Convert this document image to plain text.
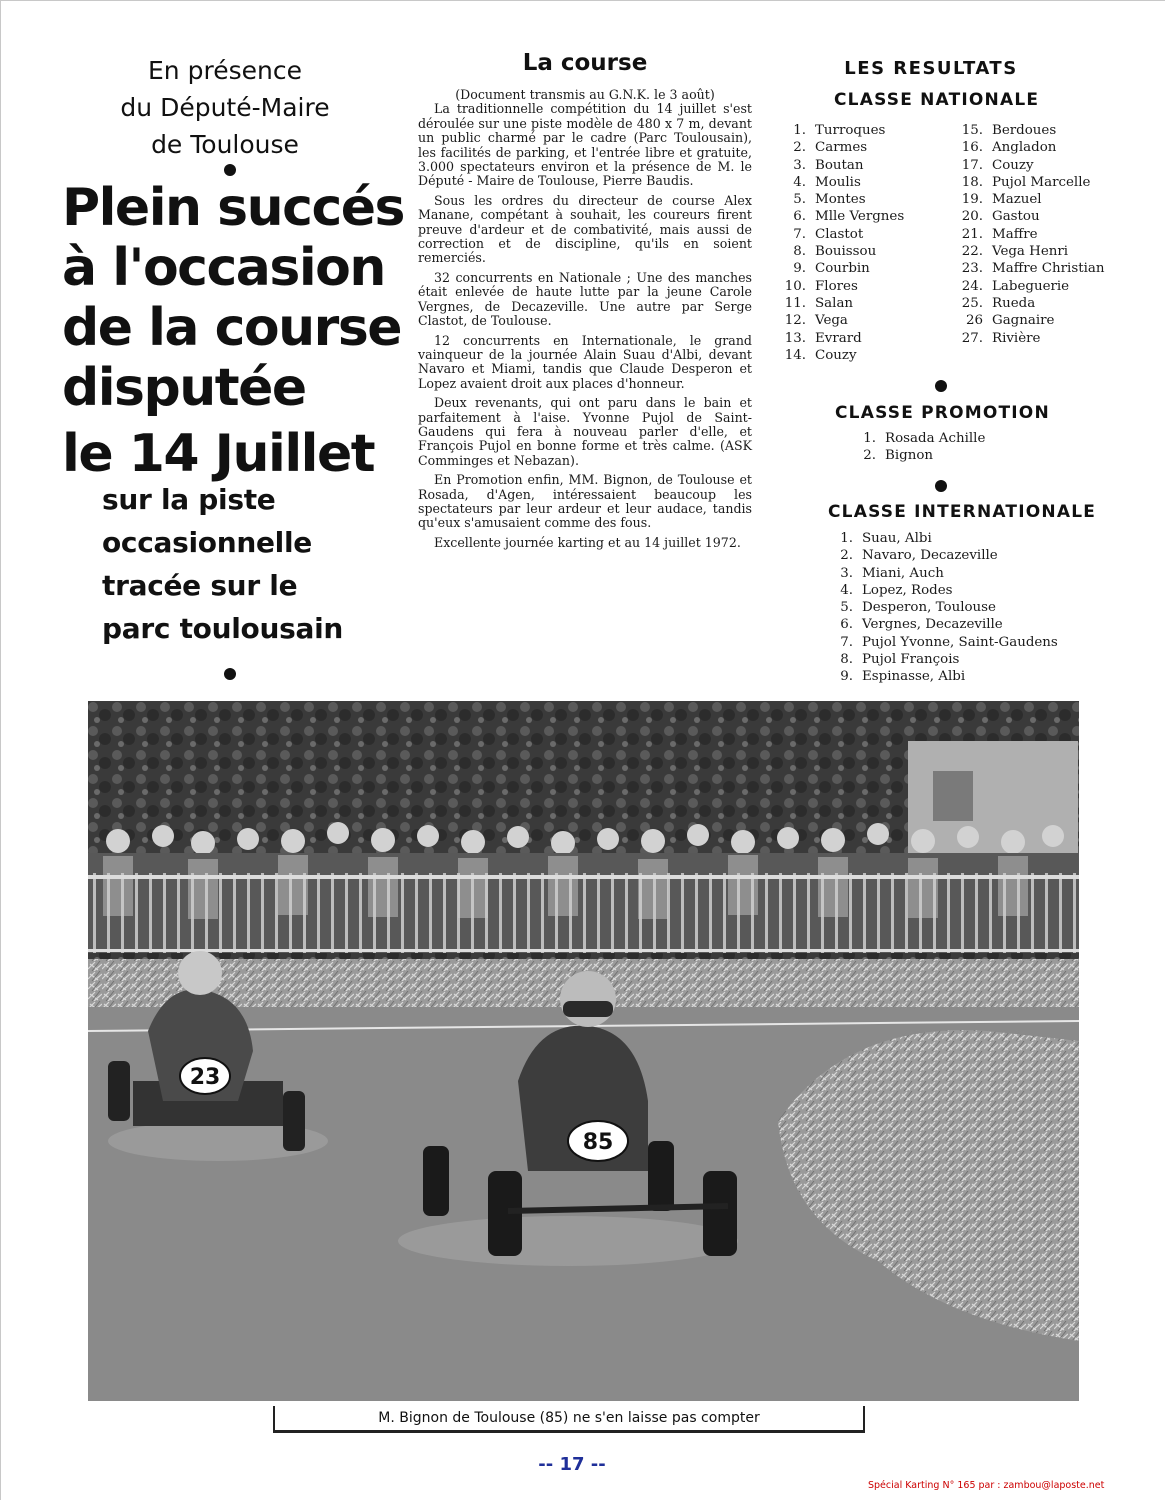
En présence
du Député-Maire
de Toulouse
Plein succés
à l'occasion
de la course
disputée
le 14 Juillet
sur la piste
occasionnelle
tracée sur le
parc toulousain
La course

(Document transmis au G.N.K. le 3 août)

La traditionnelle compétition du 14 juillet s'est déroulée sur une piste modèle de 480 x 7 m, devant un public charmé par le cadre (Parc Toulousain), les facilités de parking, et l'entrée libre et gratuite, 3.000 spectateurs environ et la présence de M. le Député - Maire de Toulouse, Pierre Baudis.

Sous les ordres du directeur de course Alex Manane, compétant à souhait, les coureurs firent preuve d'ardeur et de combativité, mais aussi de correction et de discipline, qu'ils en soient remerciés.

32 concurrents en Nationale ; Une des manches était enlevée de haute lutte par la jeune Carole Vergnes, de Decazeville. Une autre par Serge Clastot, de Toulouse.

12 concurrents en Internationale, le grand vainqueur de la journée Alain Suau d'Albi, devant Navaro et Miami, tandis que Claude Desperon et Lopez avaient droit aux places d'honneur.

Deux revenants, qui ont paru dans le bain et parfaitement à l'aise. Yvonne Pujol de Saint-Gaudens qui fera à nouveau parler d'elle, et François Pujol en bonne forme et très calme. (ASK Comminges et Nebazan).

En Promotion enfin, MM. Bignon, de Toulouse et Rosada, d'Agen, intéressaient beaucoup les spectateurs par leur ardeur et leur audace, tandis qu'eux s'amusaient comme des fous.

Excellente journée karting et au 14 juillet 1972.

LES RESULTATS
CLASSE NATIONALE
1. Turroques
2. Carmes
3. Boutan
4. Moulis
5. Montes
6. Mlle Vergnes
7. Clastot
8. Bouissou
9. Courbin
10. Flores
11. Salan
12. Vega
13. Evrard
14. Couzy
15. Berdoues
16. Angladon
17. Couzy
18. Pujol Marcelle
19. Mazuel
20. Gastou
21. Maffre
22. Vega Henri
23. Maffre Christian
24. Labeguerie
25. Rueda
26 Gagnaire
27. Rivière
CLASSE PROMOTION
1. Rosada Achille
2. Bignon
CLASSE INTERNATIONALE
1. Suau, Albi
2. Navaro, Decazeville
3. Miani, Auch
4. Lopez, Rodes
5. Desperon, Toulouse
6. Vergnes, Decazeville
7. Pujol Yvonne, Saint-Gaudens
8. Pujol François
9. Espinasse, Albi
23
85
M. Bignon de Toulouse (85) ne s'en laisse pas compter
-- 17 --
Spécial Karting N° 165 par : zambou@laposte.net
